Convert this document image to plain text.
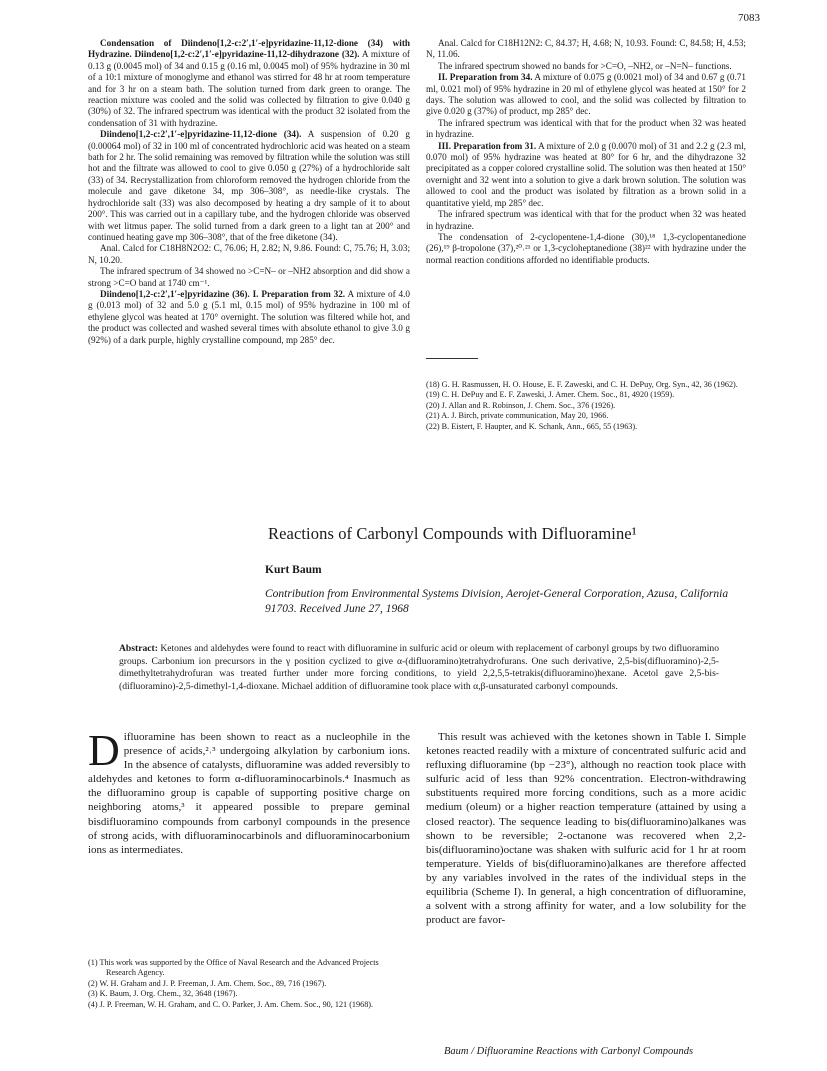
7083

Condensation of Diindeno[1,2-c:2′,1′-e]pyridazine-11,12-dione (34) with Hydrazine. Diindeno[1,2-c:2′,1′-e]pyridazine-11,12-dihydrazone (32). A mixture of 0.13 g (0.0045 mol) of 34 and 0.15 g (0.16 ml, 0.0045 mol) of 95% hydrazine in 30 ml of a 10:1 mixture of monoglyme and ethanol was stirred for 48 hr at room temperature and for 3 hr on a steam bath. The solution turned from dark green to orange. The reaction mixture was cooled and the solid was collected by filtration to give 0.040 g (30%) of 32. The infrared spectrum was identical with the product 32 isolated from the condensation of 31 with hydrazine.

Diindeno[1,2-c:2′,1′-e]pyridazine-11,12-dione (34). A suspension of 0.20 g (0.00064 mol) of 32 in 100 ml of concentrated hydrochloric acid was heated on a steam bath for 2 hr. The solid remaining was removed by filtration while the solution was still hot and the filtrate was allowed to cool to give 0.050 g (27%) of a hydrochloride salt (33) of 34. Recrystallization from chloroform removed the hydrogen chloride from the molecule and gave diketone 34, mp 306–308°, as needle-like crystals. The hydrochloride salt (33) was also decomposed by heating a dry sample of it to about 200°. This was carried out in a capillary tube, and the hydrogen chloride was observed with wet litmus paper. The solid turned from a dark green to a light tan at 200° and continued heating gave mp 306–308°, that of the free diketone (34).

Anal. Calcd for C18H8N2O2: C, 76.06; H, 2.82; N, 9.86. Found: C, 75.76; H, 3.03; N, 10.20.

The infrared spectrum of 34 showed no >C=N– or –NH2 absorption and did show a strong >C=O band at 1740 cm⁻¹.

Diindeno[1,2-c:2′,1′-e]pyridazine (36). I. Preparation from 32. A mixture of 4.0 g (0.013 mol) of 32 and 5.0 g (5.1 ml, 0.15 mol) of 95% hydrazine in 100 ml of ethylene glycol was heated at 170° overnight. The solution was filtered while hot, and the product was collected and washed several times with absolute ethanol to give 3.0 g (92%) of a dark purple, highly crystalline compound, mp 285° dec.

Anal. Calcd for C18H12N2: C, 84.37; H, 4.68; N, 10.93. Found: C, 84.58; H, 4.53; N, 11.06.

The infrared spectrum showed no bands for >C=O, –NH2, or –N=N– functions.

II. Preparation from 34. A mixture of 0.075 g (0.0021 mol) of 34 and 0.67 g (0.71 ml, 0.021 mol) of 95% hydrazine in 20 ml of ethylene glycol was heated at 150° for 2 days. The solution was allowed to cool, and the solid was collected by filtration to give 0.020 g (37%) of product, mp 285° dec.

The infrared spectrum was identical with that for the product when 32 was heated in hydrazine.

III. Preparation from 31. A mixture of 2.0 g (0.0070 mol) of 31 and 2.2 g (2.3 ml, 0.070 mol) of 95% hydrazine was heated at 80° for 6 hr, and the dihydrazone 32 precipitated as a copper colored crystalline solid. The solution was then heated at 150° overnight and 32 went into a solution to give a dark brown solution. The solution was allowed to cool and the product was isolated by filtration as a brown solid in a quantitative yield, mp 285° dec.

The infrared spectrum was identical with that for the product when 32 was heated in hydrazine.

The condensation of 2-cyclopentene-1,4-dione (30),¹⁸ 1,3-cyclopentanedione (26),¹⁹ β-tropolone (37),²⁰˒²¹ or 1,3-cycloheptanedione (38)²² with hydrazine under the normal reaction conditions afforded no identifiable products.

(18) G. H. Rasmussen, H. O. House, E. F. Zaweski, and C. H. DePuy, Org. Syn., 42, 36 (1962).
(19) C. H. DePuy and E. F. Zaweski, J. Amer. Chem. Soc., 81, 4920 (1959).
(20) J. Allan and R. Robinson, J. Chem. Soc., 376 (1926).
(21) A. J. Birch, private communication, May 20, 1966.
(22) B. Eistert, F. Haupter, and K. Schank, Ann., 665, 55 (1963).
Reactions of Carbonyl Compounds with Difluoramine¹
Kurt Baum
Contribution from Environmental Systems Division, Aerojet-General Corporation, Azusa, California 91703. Received June 27, 1968
Abstract: Ketones and aldehydes were found to react with difluoramine in sulfuric acid or oleum with replacement of carbonyl groups by two difluoramino groups. Carbonium ion precursors in the γ position cyclized to give α-(difluoramino)tetrahydrofurans. One such derivative, 2,5-bis(difluoramino)-2,5-dimethyltetrahydrofuran was treated further under more forcing conditions, to yield 2,2,5,5-tetrakis(difluoramino)hexane. Acetol gave 2,5-bis-(difluoramino)-2,5-dimethyl-1,4-dioxane. Michael addition of difluoramine took place with α,β-unsaturated carbonyl compounds.
Difluoramine has been shown to react as a nucleophile in the presence of acids,²˒³ undergoing alkylation by carbonium ions. In the absence of catalysts, difluoramine was added reversibly to aldehydes and ketones to form α-difluoraminocarbinols.⁴ Inasmuch as the difluoramino group is capable of supporting positive charge on neighboring atoms,³ it appeared possible to prepare geminal bisdifluoramino compounds from carbonyl compounds in the presence of strong acids, with difluoraminocarbinols and difluoraminocarbonium ions as intermediates.

This result was achieved with the ketones shown in Table I. Simple ketones reacted readily with a mixture of concentrated sulfuric acid and refluxing difluoramine (bp −23°), although no reaction took place with sulfuric acid of less than 92% concentration. Electron-withdrawing substituents required more forcing conditions, such as a more acidic medium (oleum) or a higher reaction temperature (attained by using a closed reactor). The sequence leading to bis(difluoramino)alkanes was shown to be reversible; 2-octanone was recovered when 2,2-bis(difluoramino)octane was shaken with sulfuric acid for 1 hr at room temperature. Yields of bis(difluoramino)alkanes are therefore affected by any variables involved in the rates of the individual steps in the equilibria (Scheme I). In general, a high concentration of difluoramine, a solvent with a strong affinity for water, and a low solubility for the product are favor-

(1) This work was supported by the Office of Naval Research and the Advanced Projects Research Agency.
(2) W. H. Graham and J. P. Freeman, J. Am. Chem. Soc., 89, 716 (1967).
(3) K. Baum, J. Org. Chem., 32, 3648 (1967).
(4) J. P. Freeman, W. H. Graham, and C. O. Parker, J. Am. Chem. Soc., 90, 121 (1968).
Baum / Difluoramine Reactions with Carbonyl Compounds
